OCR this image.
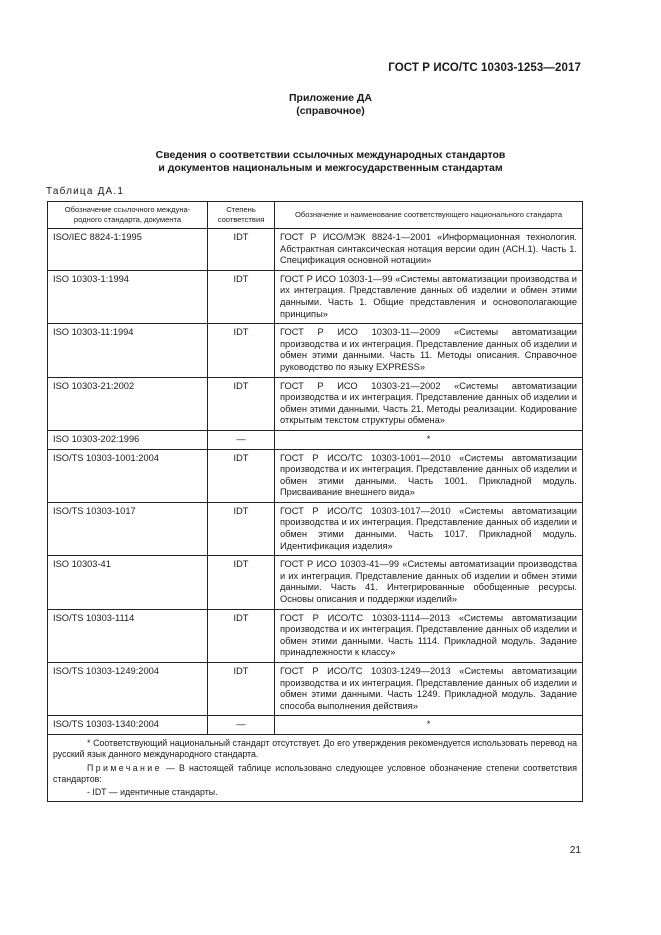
ГОСТ Р ИСО/ТС 10303-1253—2017
Приложение ДА
(справочное)
Сведения о соответствии ссылочных международных стандартов
и документов национальным и межгосударственным стандартам
Таблица ДА.1
Обозначение ссылочного междуна-родного стандарта, документа	Степень соответствия	Обозначение и наименование соответствующего национального стандарта
ISO/IEC 8824-1:1995	IDT	ГОСТ Р ИСО/МЭК 8824-1—2001 «Информационная технология. Абстрактная синтаксическая нотация версии один (АСН.1). Часть 1. Спецификация основной нотации»
ISO 10303-1:1994	IDT	ГОСТ Р ИСО 10303-1—99 «Системы автоматизации производства и их интеграция. Представление данных об изделии и обмен этими данными. Часть 1. Общие представления и основополагающие принципы»
ISO 10303-11:1994	IDT	ГОСТ Р ИСО 10303-11—2009 «Системы автоматизации производства и их интеграция. Представление данных об изделии и обмен этими данными. Часть 11. Методы описания. Справочное руководство по языку EXPRESS»
ISO 10303-21:2002	IDT	ГОСТ Р ИСО 10303-21—2002 «Системы автоматизации производства и их интеграция. Представление данных об изделии и обмен этими данными. Часть 21. Методы реализации. Кодирование открытым текстом структуры обмена»
ISO 10303-202:1996	—	*
ISO/TS 10303-1001:2004	IDT	ГОСТ Р ИСО/ТС 10303-1001—2010 «Системы автоматизации производства и их интеграция. Представление данных об изделии и обмен этими данными. Часть 1001. Прикладной модуль. Присваивание внешнего вида»
ISO/TS 10303-1017	IDT	ГОСТ Р ИСО/ТС 10303-1017—2010 «Системы автоматизации производства и их интеграция. Представление данных об изделии и обмен этими данными. Часть 1017. Прикладной модуль. Идентификация изделия»
ISO 10303-41	IDT	ГОСТ Р ИСО 10303-41—99 «Системы автоматизации производства и их интеграция. Представление данных об изделии и обмен этими данными. Часть 41. Интегрированные обобщенные ресурсы. Основы описания и поддержки изделий»
ISO/TS 10303-1114	IDT	ГОСТ Р ИСО/ТС 10303-1114—2013 «Системы автоматизации производства и их интеграция. Представление данных об изделии и обмен этими данными. Часть 1114. Прикладной модуль. Задание принадлежности к классу»
ISO/TS 10303-1249:2004	IDT	ГОСТ Р ИСО/ТС 10303-1249—2013 «Системы автоматизации производства и их интеграция. Представление данных об изделии и обмен этими данными. Часть 1249. Прикладной модуль. Задание способа выполнения действия»
ISO/TS 10303-1340:2004	—	*

* Соответствующий национальный стандарт отсутствует. До его утверждения рекомендуется использовать перевод на русский язык данного международного стандарта.

Примечание — В настоящей таблице использовано следующее условное обозначение степени соответствия стандартов:

- IDT — идентичные стандарты.		

21
